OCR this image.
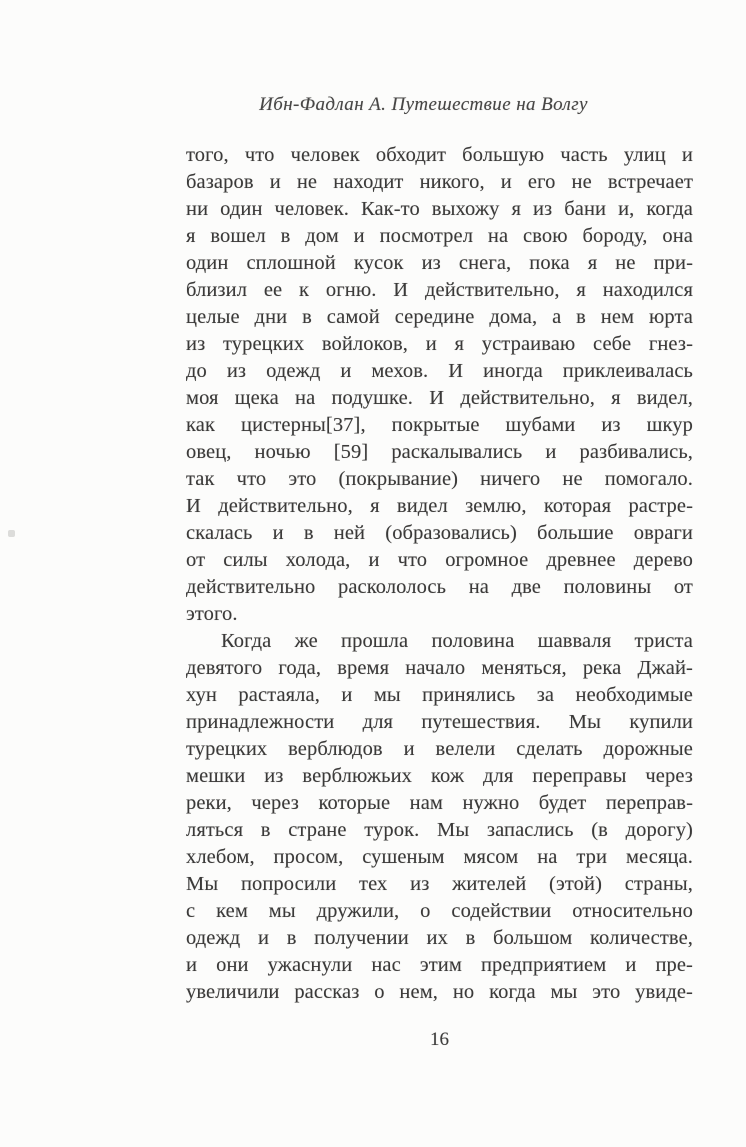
Ибн-Фадлан А. Путешествие на Волгу
того, что человек обходит большую часть улиц и
базаров и не находит никого, и его не встречает
ни один человек. Как-то выхожу я из бани и, когда
я вошел в дом и посмотрел на свою бороду, она
один сплошной кусок из снега, пока я не при-
близил ее к огню. И действительно, я находился
целые дни в самой середине дома, а в нем юрта
из турецких войлоков, и я устраиваю себе гнез-
до из одежд и мехов. И иногда приклеивалась
моя щека на подушке. И действительно, я видел,
как цистерны[37], покрытые шубами из шкур
овец, ночью [59] раскалывались и разбивались,
так что это (покрывание) ничего не помогало.
И действительно, я видел землю, которая растре-
скалась и в ней (образовались) большие овраги
от силы холода, и что огромное древнее дерево
действительно раскололось на две половины от
этого.
Когда же прошла половина шавваля триста
девятого года, время начало меняться, река Джай-
хун растаяла, и мы принялись за необходимые
принадлежности для путешествия. Мы купили
турецких верблюдов и велели сделать дорожные
мешки из верблюжьих кож для переправы через
реки, через которые нам нужно будет переправ-
ляться в стране турок. Мы запаслись (в дорогу)
хлебом, просом, сушеным мясом на три месяца.
Мы попросили тех из жителей (этой) страны,
с кем мы дружили, о содействии относительно
одежд и в получении их в большом количестве,
и они ужаснули нас этим предприятием и пре-
увеличили рассказ о нем, но когда мы это увиде-
16
